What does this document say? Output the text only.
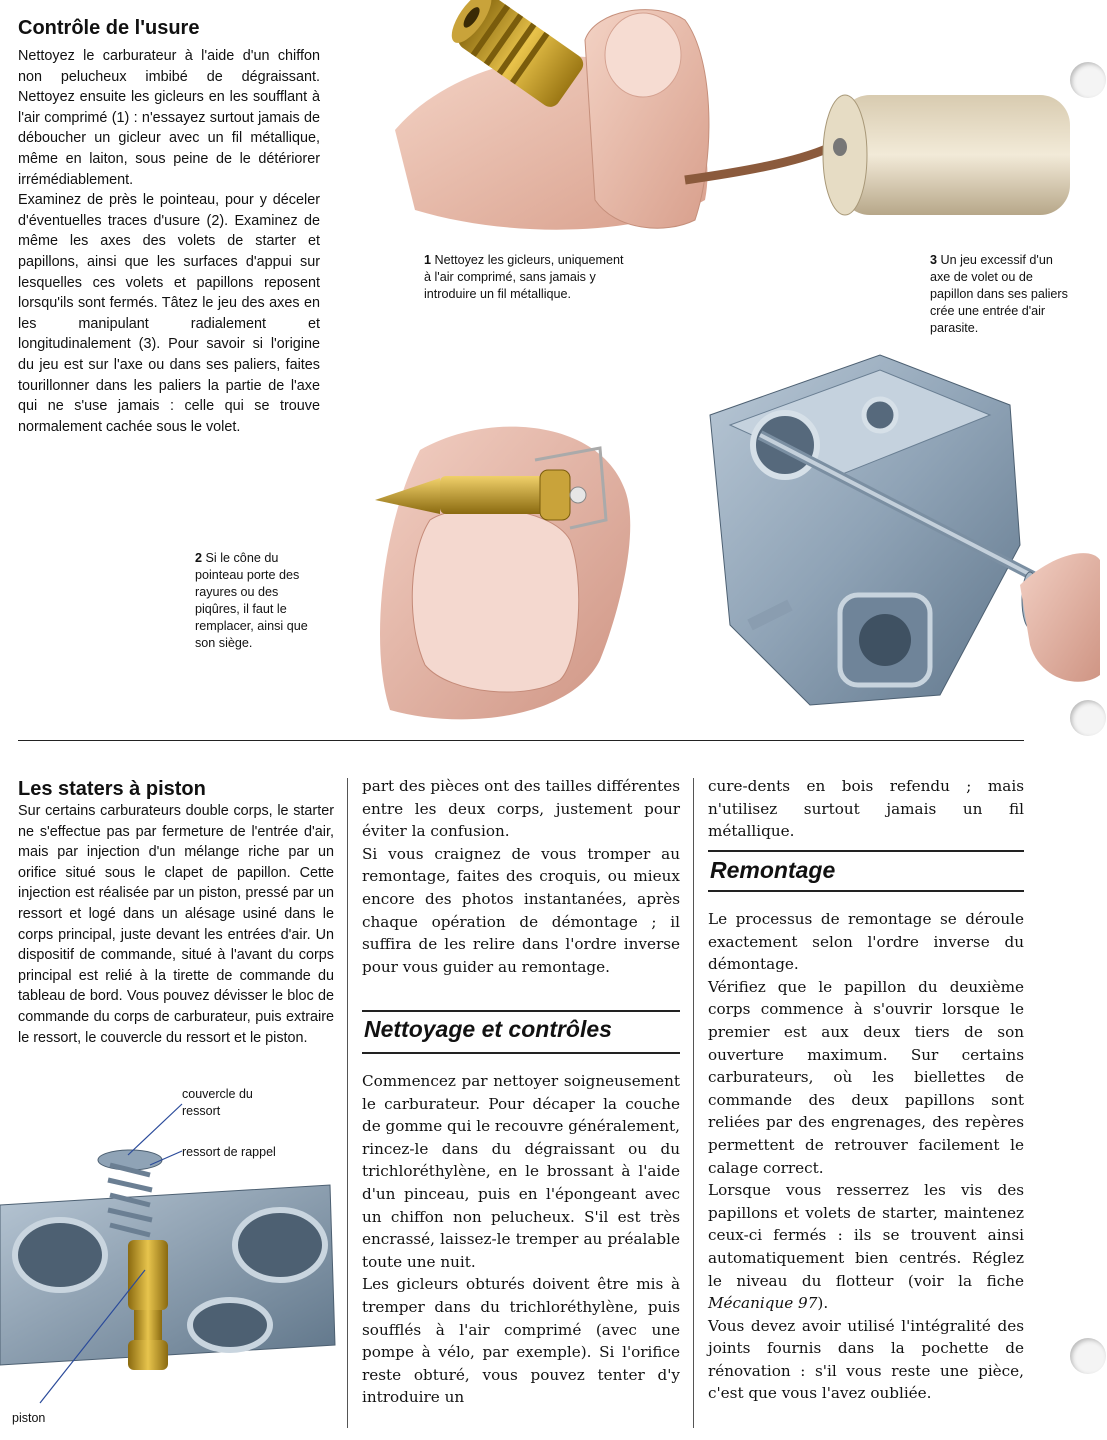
Contrôle de l'usure

Nettoyez le carburateur à l'aide d'un chiffon non pelucheux imbibé de dégraissant. Nettoyez ensuite les gicleurs en les soufflant à l'air comprimé (1) : n'essayez surtout jamais de déboucher un gicleur avec un fil métallique, même en laiton, sous peine de le détériorer irrémédiablement.

Examinez de près le pointeau, pour y déceler d'éventuelles traces d'usure (2). Examinez de même les axes des volets de starter et papillons, ainsi que les surfaces d'appui sur lesquelles ces volets et papillons reposent lorsqu'ils sont fermés. Tâtez le jeu des axes en les manipulant radialement et longitudinalement (3). Pour savoir si l'origine du jeu est sur l'axe ou dans ses paliers, faites tourillonner dans les paliers la partie de l'axe qui ne s'use jamais : celle qui se trouve normalement cachée sous le volet.

1 Nettoyez les gicleurs, uniquement à l'air comprimé, sans jamais y introduire un fil métallique.
3 Un jeu excessif d'un axe de volet ou de papillon dans ses paliers crée une entrée d'air parasite.
2 Si le cône du pointeau porte des rayures ou des piqûres, il faut le remplacer, ainsi que son siège.
Les staters à piston
Sur certains carburateurs double corps, le starter ne s'effectue pas par fermeture de l'entrée d'air, mais par injection d'un mélange riche par un orifice situé sous le clapet de papillon. Cette injection est réalisée par un piston, pressé par un ressort et logé dans un alésage usiné dans le corps principal, juste devant les entrées d'air. Un dispositif de commande, situé à l'avant du corps principal est relié à la tirette de commande du tableau de bord. Vous pouvez dévisser le bloc de commande du corps de carburateur, puis extraire le ressort, le couvercle du ressort et le piston.
couvercle du ressort
ressort de rappel
piston

part des pièces ont des tailles différentes entre les deux corps, justement pour éviter la confusion.

Si vous craignez de vous tromper au remontage, faites des croquis, ou mieux encore des photos instantanées, après chaque opération de démontage ; il suffira de les relire dans l'ordre inverse pour vous guider au remontage.

Nettoyage et contrôles

Commencez par nettoyer soigneusement le carburateur. Pour décaper la couche de gomme qui le recouvre généralement, rincez-le dans du dégraissant ou du trichloréthylène, en le brossant à l'aide d'un pinceau, puis en l'épongeant avec un chiffon non pelucheux. S'il est très encrassé, laissez-le tremper au préalable toute une nuit.

Les gicleurs obturés doivent être mis à tremper dans du trichloréthylène, puis soufflés à l'air comprimé (avec une pompe à vélo, par exemple). Si l'orifice reste obturé, vous pouvez tenter d'y introduire un

cure-dents en bois refendu ; mais n'utilisez surtout jamais un fil métallique.
Remontage

Le processus de remontage se déroule exactement selon l'ordre inverse du démontage.

Vérifiez que le papillon du deuxième corps commence à s'ouvrir lorsque le premier est aux deux tiers de son ouverture maximum. Sur certains carburateurs, où les biellettes de commande des deux papillons sont reliées par des engrenages, des repères permettent de retrouver facilement le calage correct.

Lorsque vous resserrez les vis des papillons et volets de starter, maintenez ceux-ci fermés : ils se trouvent ainsi automatiquement bien centrés. Réglez le niveau du flotteur (voir la fiche Mécanique 97).

Vous devez avoir utilisé l'intégralité des joints fournis dans la pochette de rénovation : s'il vous reste une pièce, c'est que vous l'avez oubliée.
